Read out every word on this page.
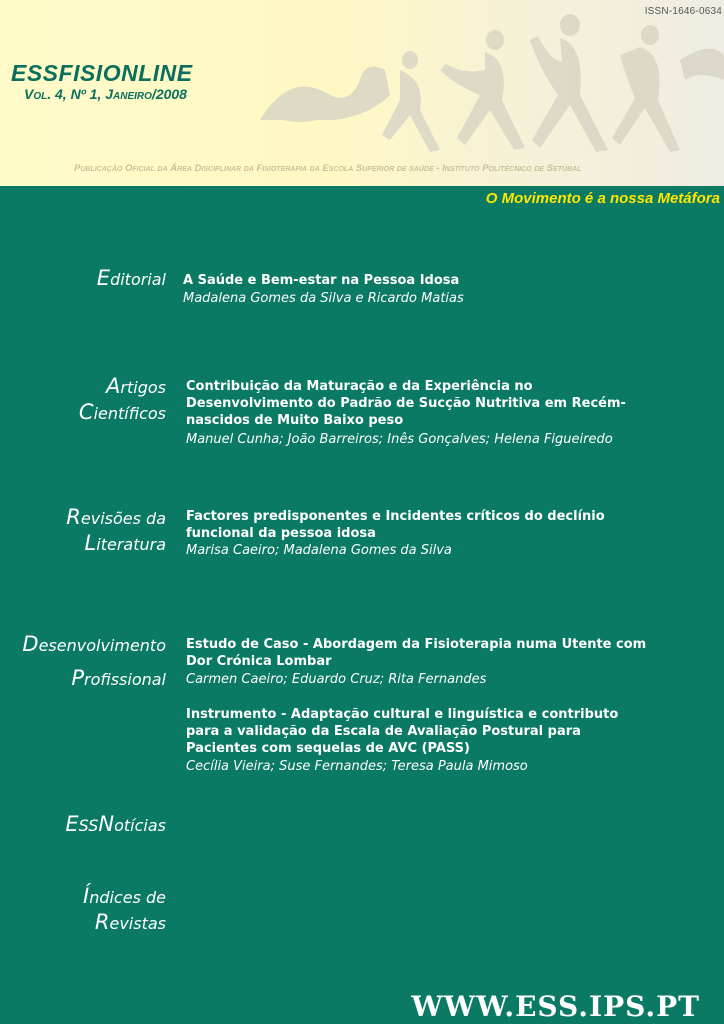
ISSN-1646-0634
ESSFISIONLINE
Vol. 4, Nº 1, Janeiro/2008
Publicação Oficial da Área Disciplinar da Fisioterapia da Escola Superior de saúde - Instituto Politécnico de Setúbal
O Movimento é a nossa Metáfora
Editorial A Saúde e Bem-estar na Pessoa Idosa
Madalena Gomes da Silva e Ricardo Matias
Artigos
Científicos
Contribuição da Maturação e da Experiência no Desenvolvimento do Padrão de Sucção Nutritiva em Recém-nascidos de Muito Baixo peso
Manuel Cunha; João Barreiros; Inês Gonçalves; Helena Figueiredo
Revisões da
Literatura
Factores predisponentes e Incidentes críticos do declínio funcional da pessoa idosa
Marisa Caeiro; Madalena Gomes da Silva
Desenvolvimento
Profissional
Estudo de Caso - Abordagem da Fisioterapia numa Utente com Dor Crónica Lombar
Carmen Caeiro; Eduardo Cruz; Rita Fernandes
Instrumento - Adaptação cultural e linguística e contributo para a validação da Escala de Avaliação Postural para Pacientes com sequelas de AVC (PASS)
Cecília Vieira; Suse Fernandes; Teresa Paula Mimoso
ESSNotícias
Índices de
Revistas
WWW.ESS.IPS.PT
